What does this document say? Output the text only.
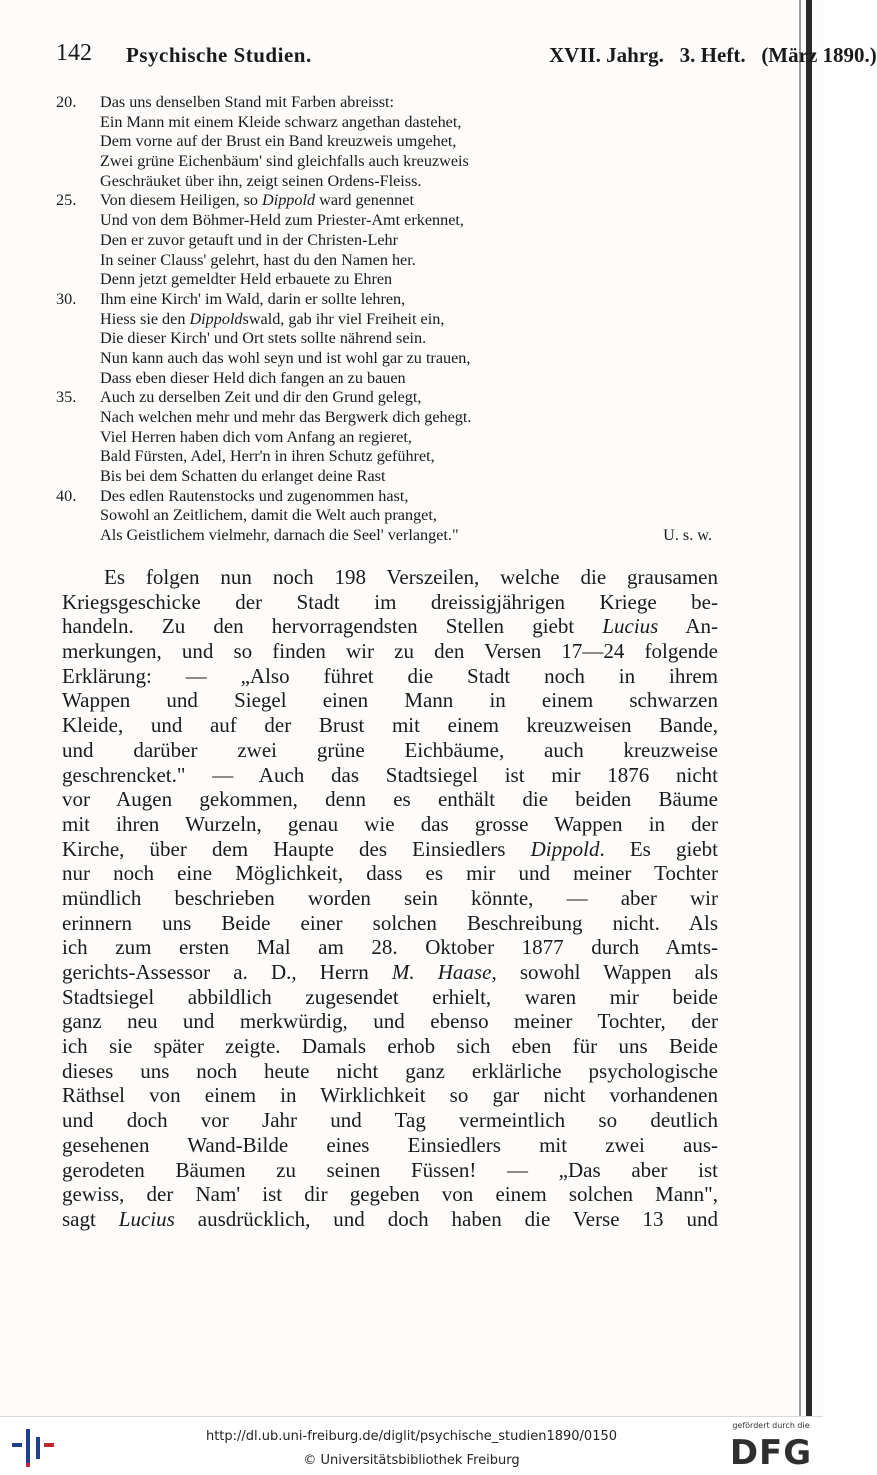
142 Psychische Studien.	XVII. Jahrg.   3. Heft.   (März 1890.)
20.	Das uns denselben Stand mit Farben abreisst:
Ein Mann mit einem Kleide schwarz angethan dastehet,
Dem vorne auf der Brust ein Band kreuzweis umgehet,
Zwei grüne Eichenbäum' sind gleichfalls auch kreuzweis
Geschräuket über ihn, zeigt seinen Ordens-Fleiss.
25.	Von diesem Heiligen, so Dippold ward genennet
Und von dem Böhmer-Held zum Priester-Amt erkennet,
Den er zuvor getauft und in der Christen-Lehr
In seiner Clauss' gelehrt, hast du den Namen her.
Denn jetzt gemeldter Held erbauete zu Ehren
30.	Ihm eine Kirch' im Wald, darin er sollte lehren,
Hiess sie den Dippoldswald, gab ihr viel Freiheit ein,
Die dieser Kirch' und Ort stets sollte nährend sein.
Nun kann auch das wohl seyn und ist wohl gar zu trauen,
Dass eben dieser Held dich fangen an zu bauen
35.	Auch zu derselben Zeit und dir den Grund gelegt,
Nach welchen mehr und mehr das Bergwerk dich gehegt.
Viel Herren haben dich vom Anfang an regieret,
Bald Fürsten, Adel, Herr'n in ihren Schutz geführet,
Bis bei dem Schatten du erlanget deine Rast
40.	Des edlen Rautenstocks und zugenommen hast,
Sowohl an Zeitlichem, damit die Welt auch pranget,
Als Geistlichem vielmehr, darnach die Seel' verlanget."	U. s. w.
Es folgen nun noch 198 Verszeilen, welche die grausamen
Kriegsgeschicke der Stadt im dreissigjährigen Kriege be-
handeln. Zu den hervorragendsten Stellen giebt Lucius An-
merkungen, und so finden wir zu den Versen 17—24 folgende
Erklärung: — „Also führet die Stadt noch in ihrem
Wappen und Siegel einen Mann in einem schwarzen
Kleide, und auf der Brust mit einem kreuzweisen Bande,
und darüber zwei grüne Eichbäume, auch kreuzweise
geschrencket." — Auch das Stadtsiegel ist mir 1876 nicht
vor Augen gekommen, denn es enthält die beiden Bäume
mit ihren Wurzeln, genau wie das grosse Wappen in der
Kirche, über dem Haupte des Einsiedlers Dippold. Es giebt
nur noch eine Möglichkeit, dass es mir und meiner Tochter
mündlich beschrieben worden sein könnte, — aber wir
erinnern uns Beide einer solchen Beschreibung nicht. Als
ich zum ersten Mal am 28. Oktober 1877 durch Amts-
gerichts-Assessor a. D., Herrn M. Haase, sowohl Wappen als
Stadtsiegel abbildlich zugesendet erhielt, waren mir beide
ganz neu und merkwürdig, und ebenso meiner Tochter, der
ich sie später zeigte. Damals erhob sich eben für uns Beide
dieses uns noch heute nicht ganz erklärliche psychologische
Räthsel von einem in Wirklichkeit so gar nicht vorhandenen
und doch vor Jahr und Tag vermeintlich so deutlich
gesehenen Wand-Bilde eines Einsiedlers mit zwei aus-
gerodeten Bäumen zu seinen Füssen! — „Das aber ist
gewiss, der Nam' ist dir gegeben von einem solchen Mann",
sagt Lucius ausdrücklich, und doch haben die Verse 13 und
http://dl.ub.uni-freiburg.de/diglit/psychische_studien1890/0150
© Universitätsbibliothek Freiburg
gefördert durch die
DFG
